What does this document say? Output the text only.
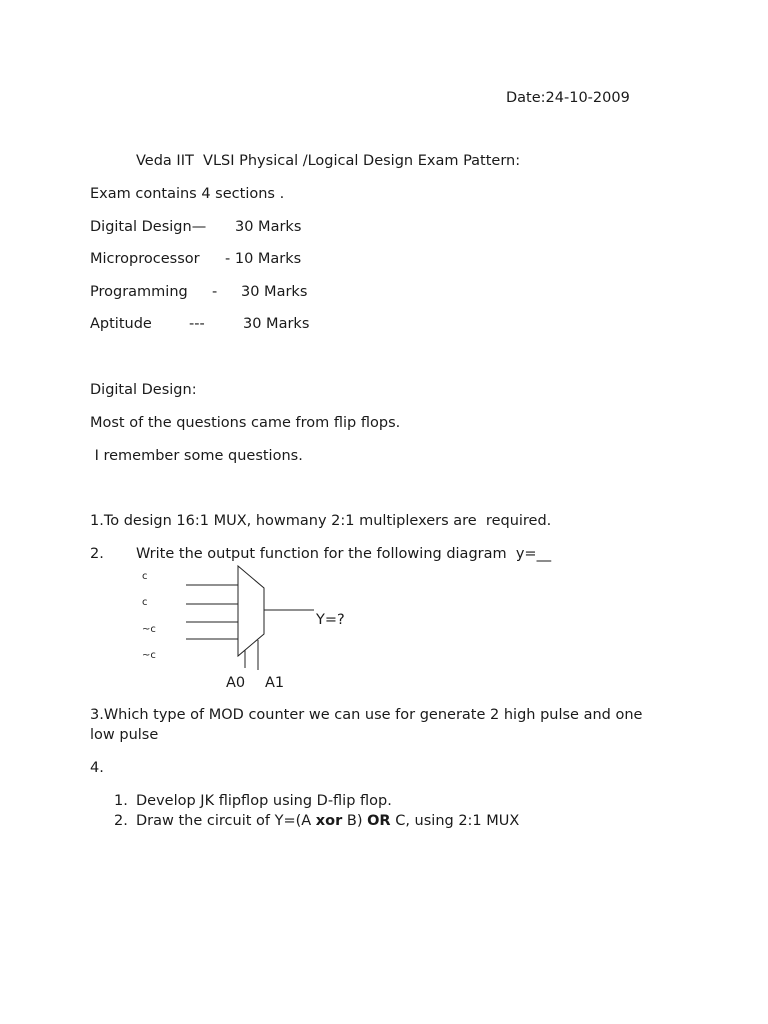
Date:24-10-2009
Veda IIT  VLSI Physical /Logical Design Exam Pattern:
Exam contains 4 sections .
Digital Design— 30 Marks
Microprocessor - 10 Marks
Programming - 30 Marks
Aptitude	---	30 Marks
Digital Design:
Most of the questions came from flip flops.
I remember some questions.
1.To design 16:1 MUX, howmany 2:1 multiplexers are  required.
2. Write the output function for the following diagram  y=__
c
c
~c
~c
Y=?
A0 A1
3.Which type of MOD counter we can use for generate 2 high pulse and one
low pulse
4.
1. Develop JK flipflop using D-flip flop.
2. Draw the circuit of Y=(A xor B) OR C, using 2:1 MUX
